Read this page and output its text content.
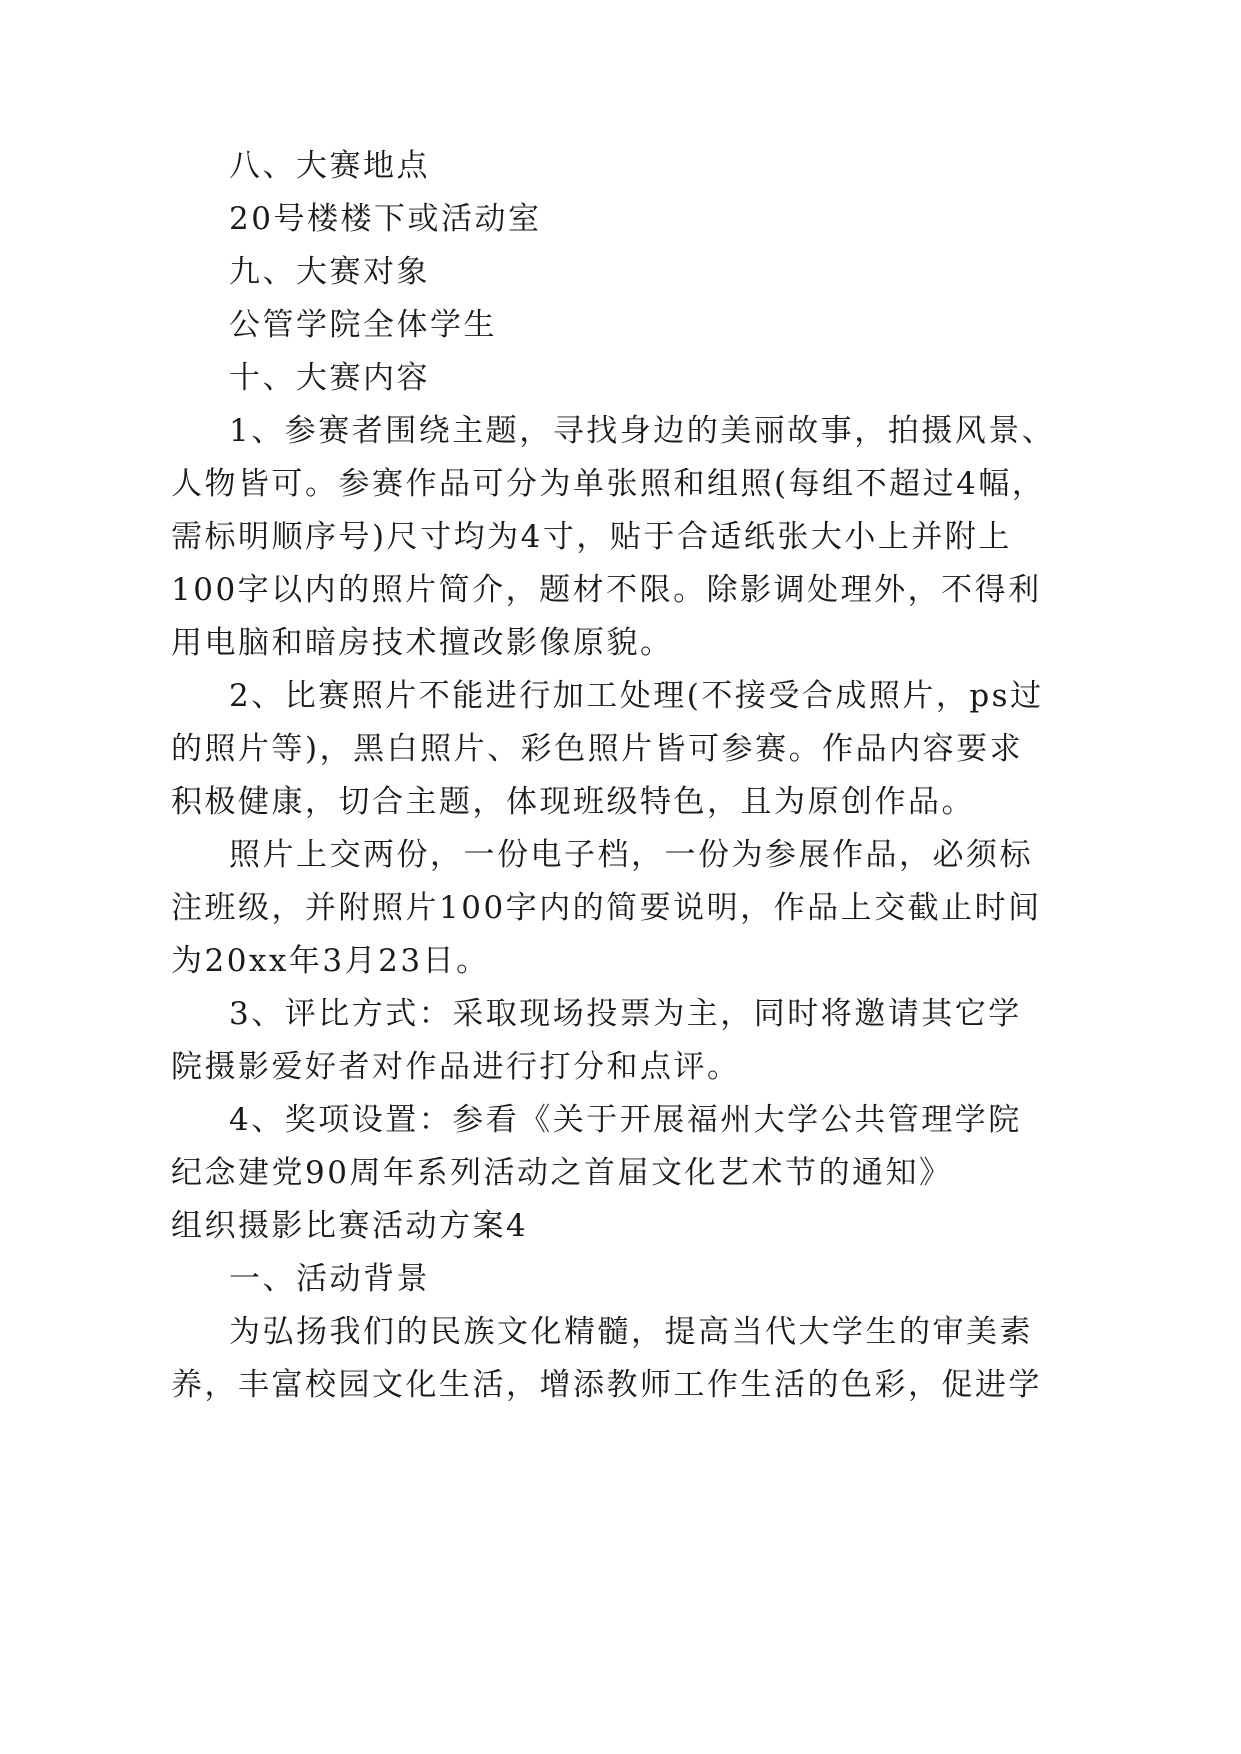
八、大赛地点
20号楼楼下或活动室
九、大赛对象
公管学院全体学生
十、大赛内容
1、参赛者围绕主题，寻找身边的美丽故事，拍摄风景、
人物皆可。参赛作品可分为单张照和组照(每组不超过4幅，
需标明顺序号)尺寸均为4寸，贴于合适纸张大小上并附上
100字以内的照片简介，题材不限。除影调处理外，不得利
用电脑和暗房技术擅改影像原貌。
2、比赛照片不能进行加工处理(不接受合成照片，ps过
的照片等)，黑白照片、彩色照片皆可参赛。作品内容要求
积极健康，切合主题，体现班级特色，且为原创作品。
照片上交两份，一份电子档，一份为参展作品，必须标
注班级，并附照片100字内的简要说明，作品上交截止时间
为20xx年3月23日。
3、评比方式：采取现场投票为主，同时将邀请其它学
院摄影爱好者对作品进行打分和点评。
4、奖项设置：参看《关于开展福州大学公共管理学院
纪念建党90周年系列活动之首届文化艺术节的通知》
组织摄影比赛活动方案4
一、活动背景
为弘扬我们的民族文化精髓，提高当代大学生的审美素
养，丰富校园文化生活，增添教师工作生活的色彩，促进学
